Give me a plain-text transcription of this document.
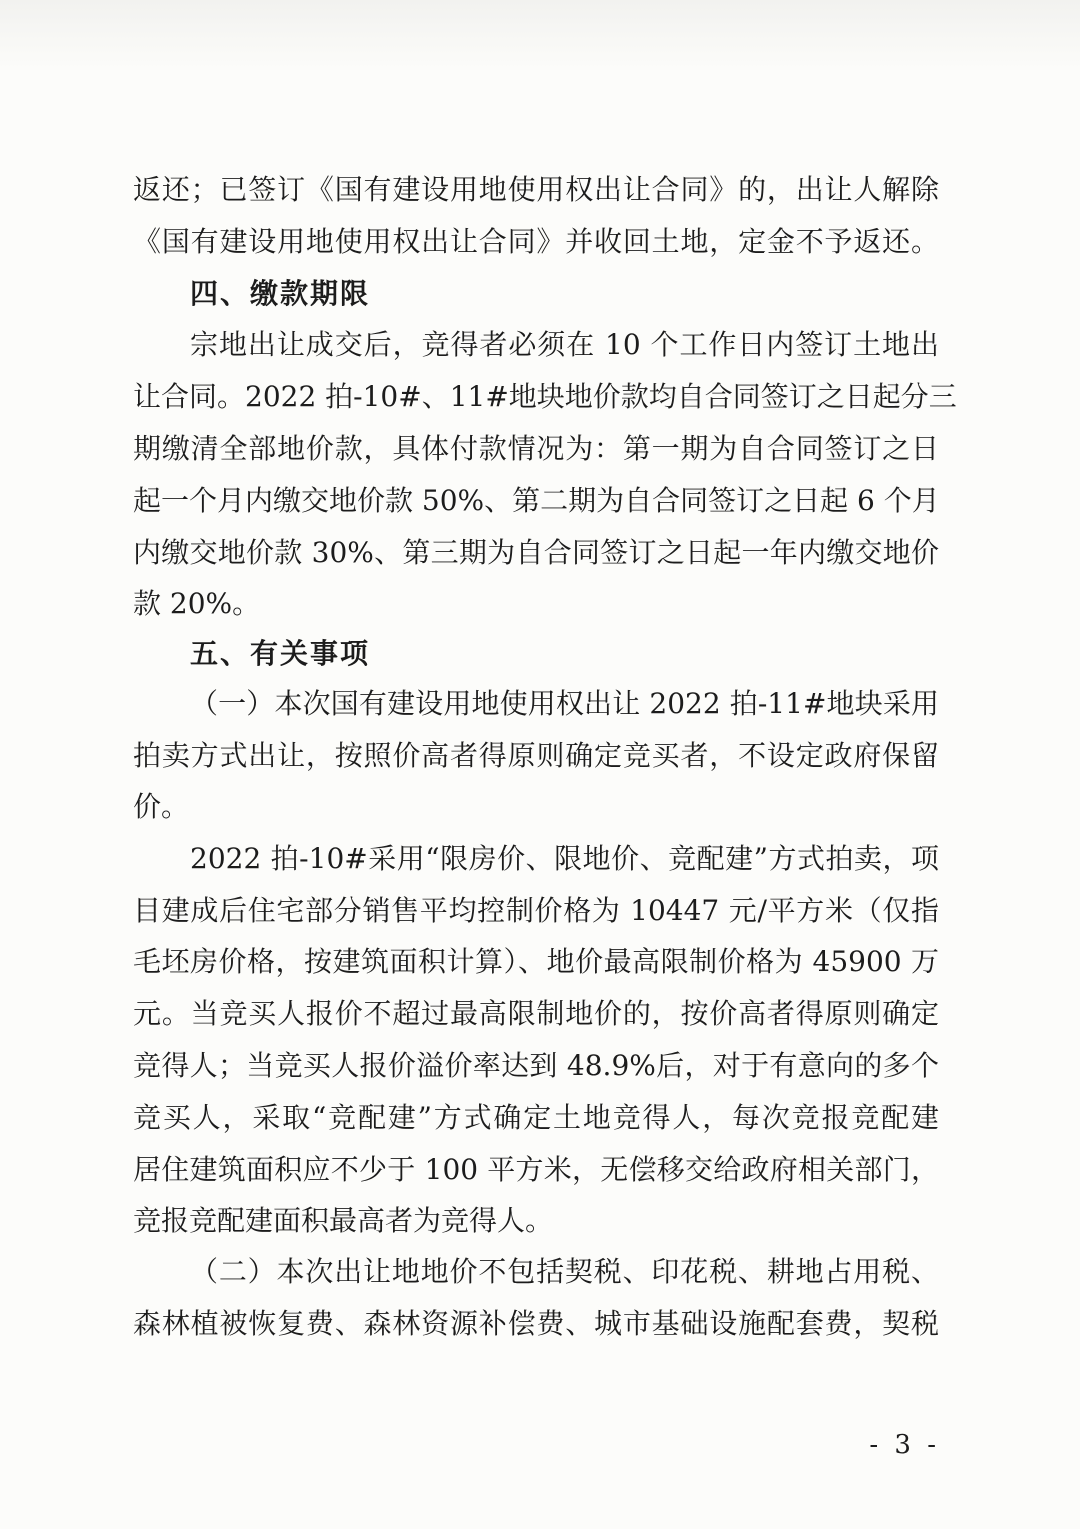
返还；已签订《国有建设用地使用权出让合同》的，出让人解除
《国有建设用地使用权出让合同》并收回土地，定金不予返还。
四、缴款期限
宗地出让成交后，竞得者必须在 10 个工作日内签订土地出
让合同。2022 拍-10#、11#地块地价款均自合同签订之日起分三
期缴清全部地价款，具体付款情况为：第一期为自合同签订之日
起一个月内缴交地价款 50%、第二期为自合同签订之日起 6 个月
内缴交地价款 30%、第三期为自合同签订之日起一年内缴交地价
款 20%。
五、有关事项
（一）本次国有建设用地使用权出让 2022 拍-11#地块采用
拍卖方式出让，按照价高者得原则确定竞买者，不设定政府保留
价。
2022 拍-10#采用“限房价、限地价、竞配建”方式拍卖，项
目建成后住宅部分销售平均控制价格为 10447 元/平方米（仅指
毛坯房价格，按建筑面积计算）、地价最高限制价格为 45900 万
元。当竞买人报价不超过最高限制地价的，按价高者得原则确定
竞得人；当竞买人报价溢价率达到 48.9%后，对于有意向的多个
竞买人，采取“竞配建”方式确定土地竞得人，每次竞报竞配建
居住建筑面积应不少于 100 平方米，无偿移交给政府相关部门，
竞报竞配建面积最高者为竞得人。
（二）本次出让地地价不包括契税、印花税、耕地占用税、
森林植被恢复费、森林资源补偿费、城市基础设施配套费，契税
- 3 -
